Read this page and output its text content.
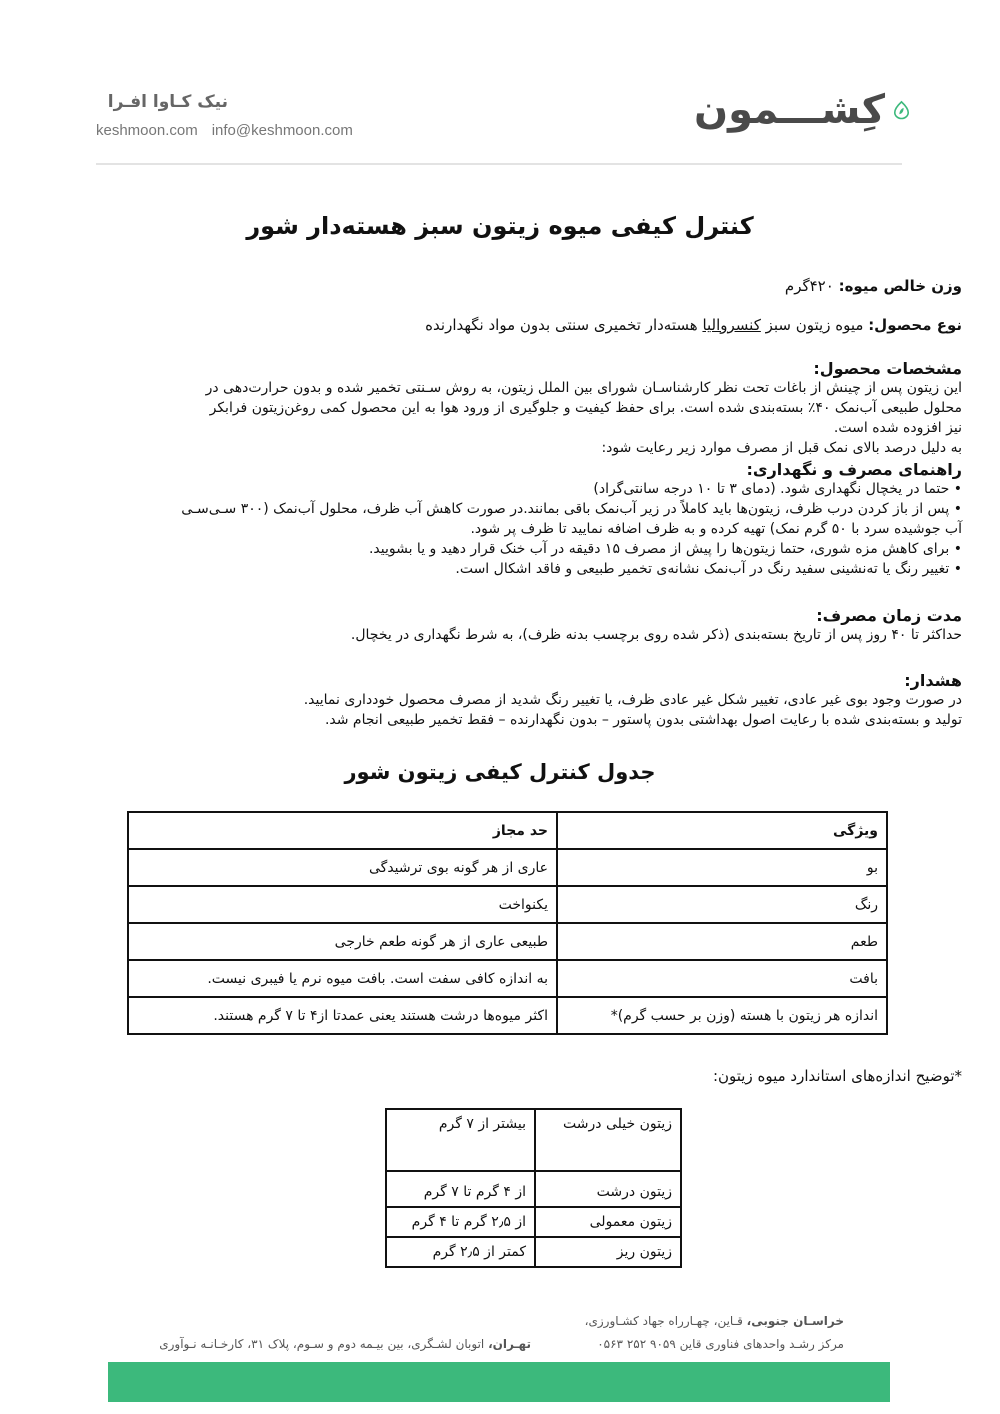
کِشـــمون
نیک کـاوا افـرا
keshmoon.com info@keshmoon.com
کنترل کیفی میوه زیتون سبز هسته‌دار شور
وزن خالص میوه: ۴۲۰گرم
نوع محصول: میوه زیتون سبز کنسروالیا هسته‌دار تخمیری سنتی بدون مواد نگهدارنده
مشخصات محصول:
این زیتون پس از چینش از باغات تحت نظر کارشناسـان شورای بین الملل زیتون، به روش سـنتی تخمیر شده و بدون حرارت‌دهی در
محلول طبیعی آب‌نمک ۴۰٪ بسته‌بندی شده است. برای حفظ کیفیت و جلوگیری از ورود هوا به این محصول کمی روغن‌زیتون فرابکر
نیز افزوده شده است.
به دلیل درصد بالای نمک قبل از مصرف موارد زیر رعایت شود:
راهنمای مصرف و نگهداری:
• حتما در یخچال نگهداری شود. (دمای ۳ تا ۱۰ درجه سانتی‌گراد)
• پس از باز کردن درب ظرف، زیتون‌ها باید کاملاً در زیر آب‌نمک باقی بمانند.در صورت کاهش آب ظرف، محلول آب‌نمک (۳۰۰ سـی‌سـی
آب جوشیده سرد با ۵۰ گرم نمک) تهیه کرده و به ظرف اضافه نمایید تا ظرف پر شود.
• برای کاهش مزه شوری، حتما زیتون‌ها را پیش از مصرف ۱۵ دقیقه در آب خنک قرار دهید و یا بشویید.
• تغییر رنگ یا ته‌نشینی سفید رنگ در آب‌نمک نشانه‌ی تخمیر طبیعی و فاقد اشکال است.
مدت زمان مصرف:
حداکثر تا ۴۰ روز پس از تاریخ بسته‌بندی (ذکر شده روی برچسب بدنه ظرف)، به شرط نگهداری در یخچال.
هشدار:
در صورت وجود بوی غیر عادی، تغییر شکل غیر عادی ظرف، یا تغییر رنگ شدید از مصرف محصول خودداری نمایید.
تولید و بسته‌بندی شده با رعایت اصول بهداشتی بدون پاستور – بدون نگهدارنده – فقط تخمیر طبیعی انجام شد.
جدول کنترل کیفی زیتون شور
ویژگی	حد مجاز
بو	عاری از هر گونه بوی ترشیدگی
رنگ	یکنواخت
طعم	طبیعی عاری از هر گونه طعم خارجی
بافت	به اندازه کافی سفت است. بافت میوه نرم یا فیبری نیست.
اندازه هر زیتون با هسته (وزن بر حسب گرم)*	اکثر میوه‌ها درشت هستند یعنی عمدتا از۴ تا ۷ گرم هستند.
*توضیح اندازه‌های استاندارد میوه زیتون:
زیتون خیلی درشت	بیشتر از ۷ گرم
زیتون درشت	از ۴ گرم تا ۷ گرم
زیتون معمولی	از ۲٫۵ گرم تا ۴ گرم
زیتون ریز	کمتر از ۲٫۵ گرم
خراسـان جنوبی، قـاین، چهـارراه جهاد کشـاورزی،
مرکز رشـد واحدهای فناوری قاین ۹۰۵۹ ۲۵۲ ۰۵۶۳
تهـران، اتوبان لشـگری، بین بیـمه دوم و سـوم، پلاک ۳۱، کارخـانـه نـوآوری
